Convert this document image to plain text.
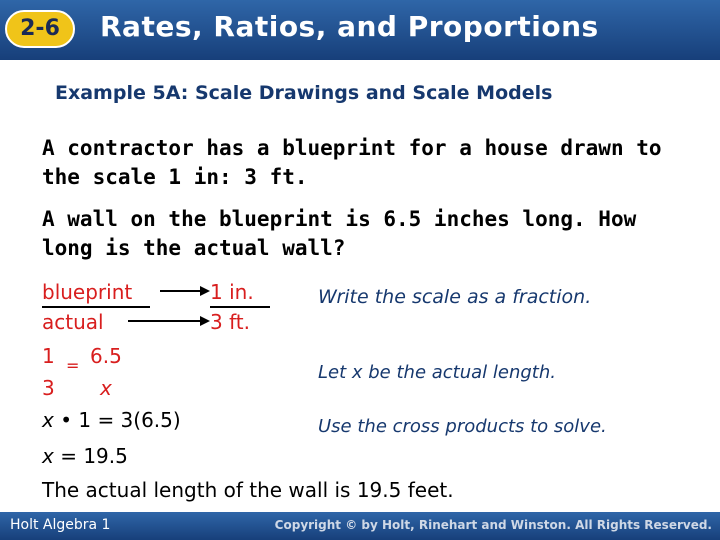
2-6	Rates, Ratios, and Proportions
Example 5A: Scale Drawings and Scale Models
A contractor has a blueprint for a house drawn to the scale 1 in: 3 ft.
A wall on the blueprint is 6.5 inches long. How long is the actual wall?
blueprint
actual
1 in.
3 ft.
Write the scale as a fraction.
1 6.5
=
3 x
Let x be the actual length.
x • 1 = 3(6.5)	Use the cross products to solve.
x = 19.5
The actual length of the wall is 19.5 feet.
Holt Algebra 1	Copyright © by Holt, Rinehart and Winston. All Rights Reserved.
